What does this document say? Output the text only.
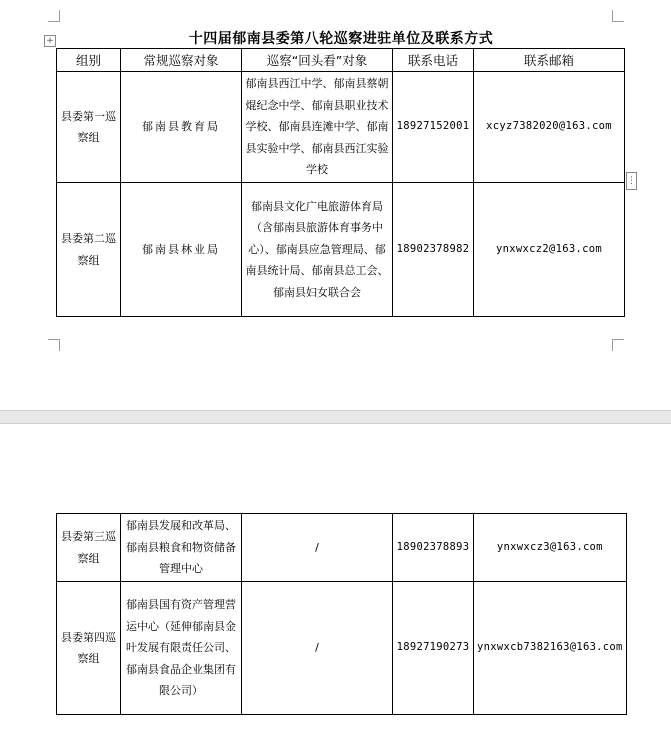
+
⋮
十四届郁南县委第八轮巡察进驻单位及联系方式
组别	常规巡察对象	巡察“回头看”对象	联系电话	联系邮箱
县委第一巡察组	郁南县教育局	郁南县西江中学、郁南县蔡朝焜纪念中学、郁南县职业技术学校、郁南县连滩中学、郁南县实验中学、郁南县西江实验学校	18927152001	xcyz7382020@163.com
县委第二巡察组	郁南县林业局	郁南县文化广电旅游体育局（含郁南县旅游体育事务中心）、郁南县应急管理局、郁南县统计局、郁南县总工会、郁南县妇女联合会	18902378982	ynxwxcz2@163.com
县委第三巡察组	郁南县发展和改革局、郁南县粮食和物资储备管理中心	/	18902378893	ynxwxcz3@163.com
县委第四巡察组	郁南县国有资产管理营运中心（延伸郁南县金叶发展有限责任公司、郁南县食品企业集团有限公司）	/	18927190273	ynxwxcb7382163@163.com
